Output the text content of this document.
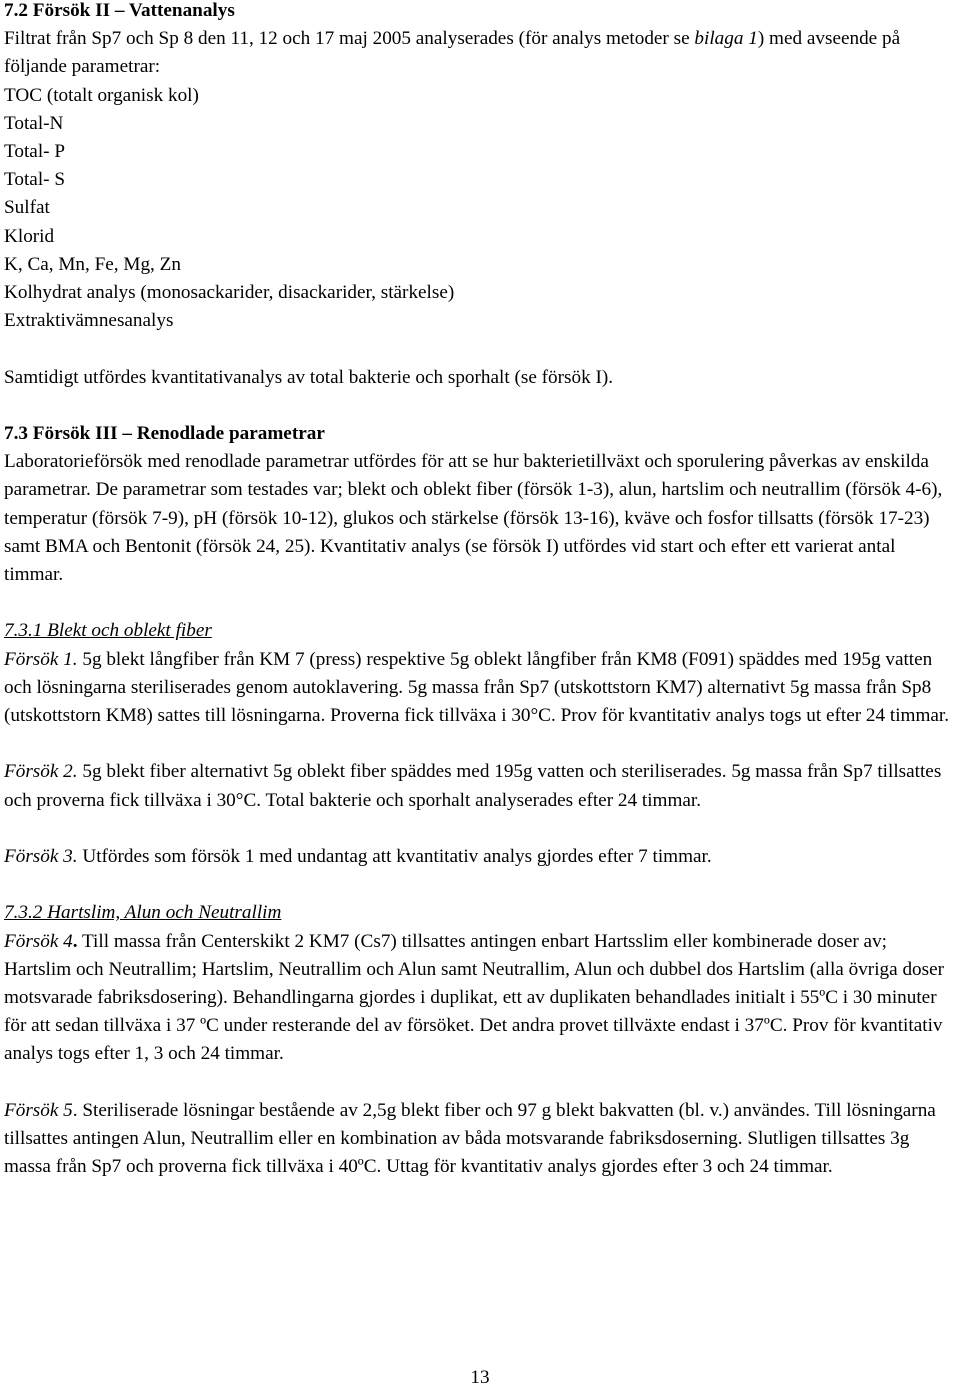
7.2 Försök II – Vattenanalys
Filtrat från Sp7 och Sp 8 den 11, 12 och 17 maj 2005 analyserades (för analys metoder se bilaga 1) med avseende på följande parametrar:
TOC (totalt organisk kol)
Total-N
Total- P
Total- S
Sulfat
Klorid
K, Ca, Mn, Fe, Mg, Zn
Kolhydrat analys (monosackarider, disackarider, stärkelse)
Extraktivämnesanalys
Samtidigt utfördes kvantitativanalys av total bakterie och sporhalt (se försök I).
7.3 Försök III – Renodlade parametrar
Laboratorieförsök med renodlade parametrar utfördes för att se hur bakterietillväxt och sporulering påverkas av enskilda parametrar. De parametrar som testades var; blekt och oblekt fiber (försök 1-3), alun, hartslim och neutrallim (försök 4-6), temperatur (försök 7-9), pH (försök 10-12), glukos och stärkelse (försök 13-16), kväve och fosfor tillsatts (försök 17-23) samt BMA och Bentonit (försök 24, 25). Kvantitativ analys (se försök I) utfördes vid start och efter ett varierat antal timmar.
7.3.1 Blekt och oblekt fiber
Försök 1. 5g blekt långfiber från KM 7 (press) respektive 5g oblekt långfiber från KM8 (F091) späddes med 195g vatten och lösningarna steriliserades genom autoklavering. 5g massa från Sp7 (utskottstorn KM7) alternativt 5g massa från Sp8 (utskottstorn KM8) sattes till lösningarna. Proverna fick tillväxa i 30°C. Prov för kvantitativ analys togs ut efter 24 timmar.
Försök 2. 5g blekt fiber alternativt 5g oblekt fiber späddes med 195g vatten och steriliserades. 5g massa från Sp7 tillsattes och proverna fick tillväxa i 30°C. Total bakterie och sporhalt analyserades efter 24 timmar.
Försök 3. Utfördes som försök 1 med undantag att kvantitativ analys gjordes efter 7 timmar.
7.3.2 Hartslim, Alun och Neutrallim
Försök 4. Till massa från Centerskikt 2 KM7 (Cs7) tillsattes antingen enbart Hartsslim eller kombinerade doser av; Hartslim och Neutrallim; Hartslim, Neutrallim och Alun samt Neutrallim, Alun och dubbel dos Hartslim (alla övriga doser motsvarade fabriksdosering). Behandlingarna gjordes i duplikat, ett av duplikaten behandlades initialt i 55ºC i 30 minuter för att sedan tillväxa i 37 ºC under resterande del av försöket. Det andra provet tillväxte endast i 37ºC. Prov för kvantitativ analys togs efter 1, 3 och 24 timmar.
Försök 5. Steriliserade lösningar bestående av 2,5g blekt fiber och 97 g blekt bakvatten (bl. v.) användes. Till lösningarna tillsattes antingen Alun, Neutrallim eller en kombination av båda motsvarande fabriksdoserning. Slutligen tillsattes 3g massa från Sp7 och proverna fick tillväxa i 40ºC. Uttag för kvantitativ analys gjordes efter 3 och 24 timmar.
13
